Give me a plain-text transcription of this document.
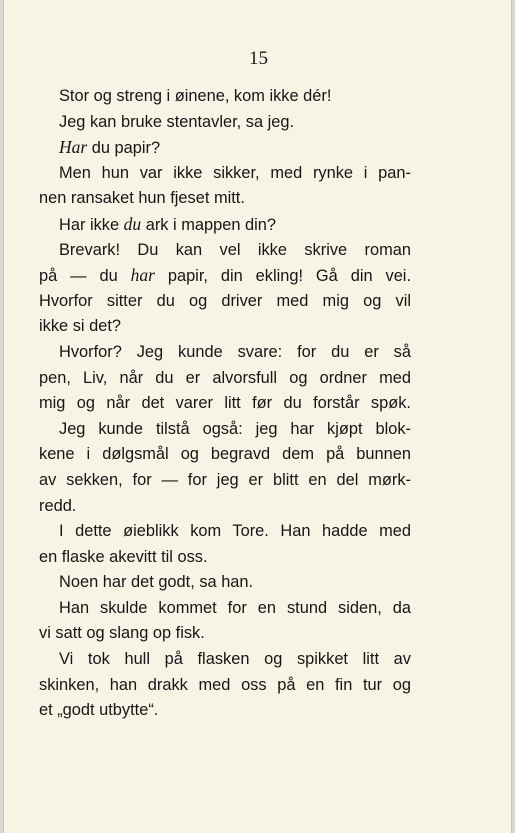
15
Stor og streng i øinene, kom ikke dér!
Jeg kan bruke stentavler, sa jeg.
Har du papir?
Men hun var ikke sikker, med rynke i pan-
nen ransaket hun fjeset mitt.
Har ikke du ark i mappen din?
Brevark! Du kan vel ikke skrive roman
på — du har papir, din ekling! Gå din vei.
Hvorfor sitter du og driver med mig og vil
ikke si det?
Hvorfor? Jeg kunde svare: for du er så
pen, Liv, når du er alvorsfull og ordner med
mig og når det varer litt før du forstår spøk.
Jeg kunde tilstå også: jeg har kjøpt blok-
kene i dølgsmål og begravd dem på bunnen
av sekken, for — for jeg er blitt en del mørk-
redd.
I dette øieblikk kom Tore. Han hadde med
en flaske akevitt til oss.
Noen har det godt, sa han.
Han skulde kommet for en stund siden, da
vi satt og slang op fisk.
Vi tok hull på flasken og spikket litt av
skinken, han drakk med oss på en fin tur og
et „godt utbytte“.
